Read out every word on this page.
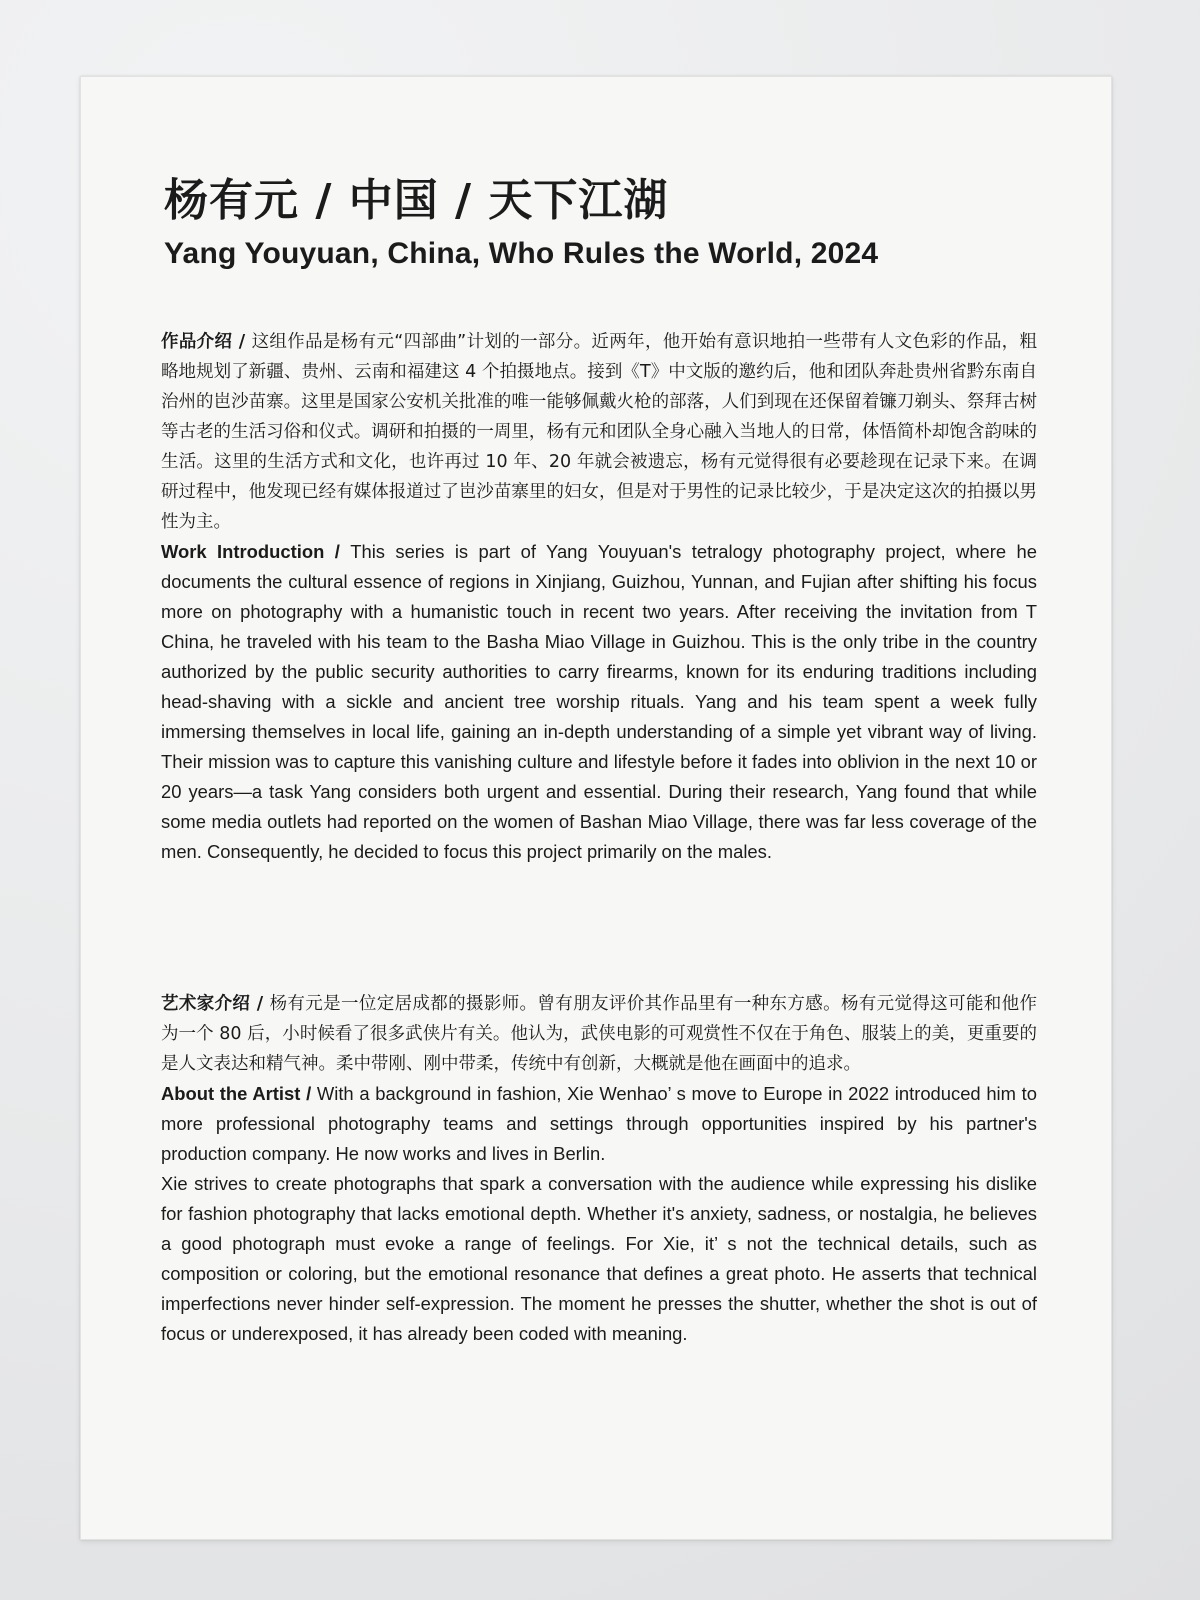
杨有元 / 中国 / 天下江湖
Yang Youyuan, China, Who Rules the World, 2024

作品介绍 / 这组作品是杨有元“四部曲”计划的一部分。近两年，他开始有意识地拍一些带有人文色彩的作品，粗略地规划了新疆、贵州、云南和福建这 4 个拍摄地点。接到《T》中文版的邀约后，他和团队奔赴贵州省黔东南自治州的岜沙苗寨。这里是国家公安机关批准的唯一能够佩戴火枪的部落，人们到现在还保留着镰刀剃头、祭拜古树等古老的生活习俗和仪式。调研和拍摄的一周里，杨有元和团队全身心融入当地人的日常，体悟简朴却饱含韵味的生活。这里的生活方式和文化，也许再过 10 年、20 年就会被遗忘，杨有元觉得很有必要趁现在记录下来。在调研过程中，他发现已经有媒体报道过了岜沙苗寨里的妇女，但是对于男性的记录比较少，于是决定这次的拍摄以男性为主。

Work Introduction / This series is part of Yang Youyuan's tetralogy photography project, where he documents the cultural essence of regions in Xinjiang, Guizhou, Yunnan, and Fujian after shifting his focus more on photography with a humanistic touch in recent two years. After receiving the invitation from T China, he traveled with his team to the Basha Miao Village in Guizhou. This is the only tribe in the country authorized by the public security authorities to carry firearms, known for its enduring traditions including head-shaving with a sickle and ancient tree worship rituals. Yang and his team spent a week fully immersing themselves in local life, gaining an in-depth understanding of a simple yet vibrant way of living. Their mission was to capture this vanishing culture and lifestyle before it fades into oblivion in the next 10 or 20 years—a task Yang considers both urgent and essential. During their research, Yang found that while some media outlets had reported on the women of Bashan Miao Village, there was far less coverage of the men. Consequently, he decided to focus this project primarily on the males.

艺术家介绍 / 杨有元是一位定居成都的摄影师。曾有朋友评价其作品里有一种东方感。杨有元觉得这可能和他作为一个 80 后，小时候看了很多武侠片有关。他认为，武侠电影的可观赏性不仅在于角色、服装上的美，更重要的是人文表达和精气神。柔中带刚、刚中带柔，传统中有创新，大概就是他在画面中的追求。

About the Artist / With a background in fashion, Xie Wenhao’ s move to Europe in 2022 introduced him to more professional photography teams and settings through opportunities inspired by his partner's production company. He now works and lives in Berlin.

Xie strives to create photographs that spark a conversation with the audience while expressing his dislike for fashion photography that lacks emotional depth. Whether it's anxiety, sadness, or nostalgia, he believes a good photograph must evoke a range of feelings. For Xie, it’ s not the technical details, such as composition or coloring, but the emotional resonance that defines a great photo. He asserts that technical imperfections never hinder self-expression. The moment he presses the shutter, whether the shot is out of focus or underexposed, it has already been coded with meaning.
